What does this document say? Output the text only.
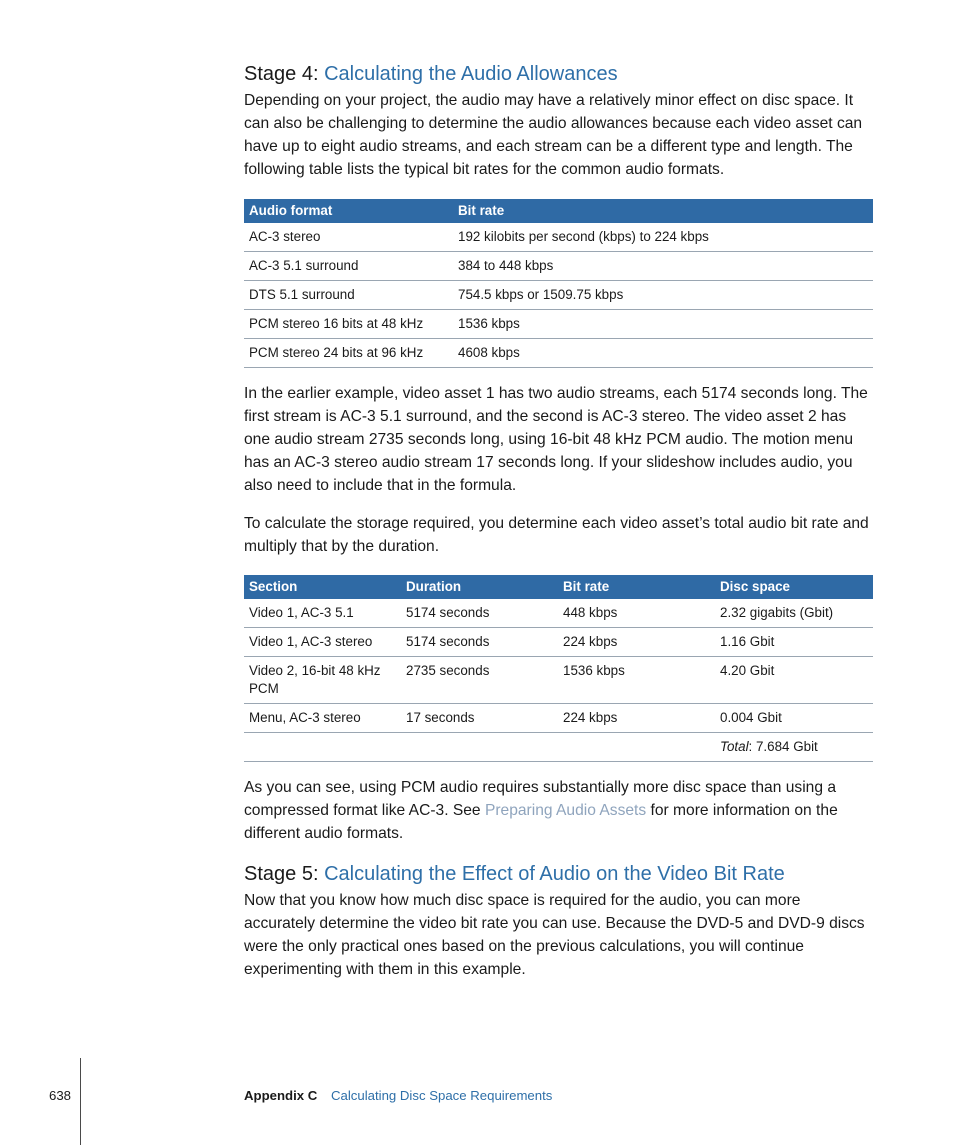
Stage 4: Calculating the Audio Allowances

Depending on your project, the audio may have a relatively minor effect on disc space. It can also be challenging to determine the audio allowances because each video asset can have up to eight audio streams, and each stream can be a different type and length. The following table lists the typical bit rates for the common audio formats.

Audio format	Bit rate
AC-3 stereo	192 kilobits per second (kbps) to 224 kbps
AC-3 5.1 surround	384 to 448 kbps
DTS 5.1 surround	754.5 kbps or 1509.75 kbps
PCM stereo 16 bits at 48 kHz	1536 kbps
PCM stereo 24 bits at 96 kHz	4608 kbps

In the earlier example, video asset 1 has two audio streams, each 5174 seconds long. The first stream is AC-3 5.1 surround, and the second is AC-3 stereo. The video asset 2 has one audio stream 2735 seconds long, using 16-bit 48 kHz PCM audio. The motion menu has an AC-3 stereo audio stream 17 seconds long. If your slideshow includes audio, you also need to include that in the formula.

To calculate the storage required, you determine each video asset’s total audio bit rate and multiply that by the duration.

Section	Duration	Bit rate	Disc space
Video 1, AC-3 5.1	5174 seconds	448 kbps	2.32 gigabits (Gbit)
Video 1, AC-3 stereo	5174 seconds	224 kbps	1.16 Gbit
Video 2, 16-bit 48 kHz PCM	2735 seconds	1536 kbps	4.20 Gbit
Menu, AC-3 stereo	17 seconds	224 kbps	0.004 Gbit
			Total: 7.684 Gbit

As you can see, using PCM audio requires substantially more disc space than using a compressed format like AC-3. See Preparing Audio Assets for more information on the different audio formats.

Stage 5: Calculating the Effect of Audio on the Video Bit Rate

Now that you know how much disc space is required for the audio, you can more accurately determine the video bit rate you can use. Because the DVD-5 and DVD-9 discs were the only practical ones based on the previous calculations, you will continue experimenting with them in this example.

638	Appendix C Calculating Disc Space Requirements
